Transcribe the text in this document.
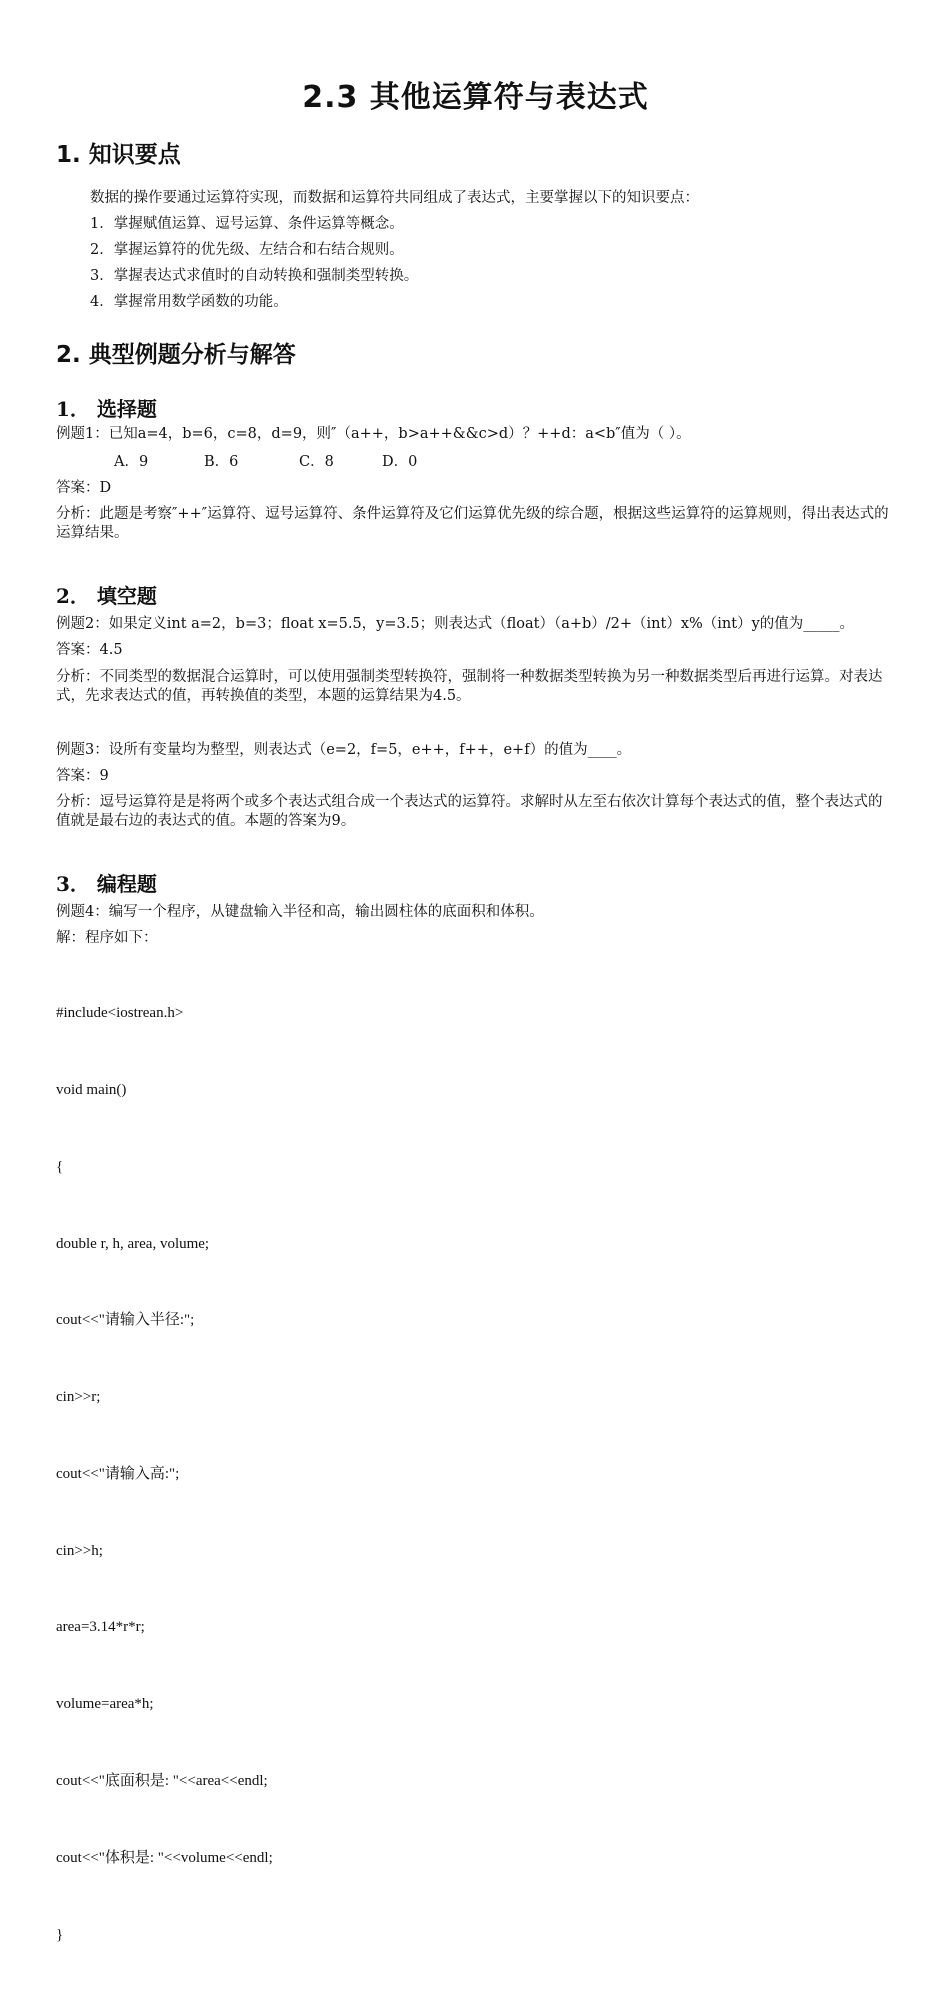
2.3 其他运算符与表达式
1. 知识要点
数据的操作要通过运算符实现，而数据和运算符共同组成了表达式，主要掌握以下的知识要点：
1．掌握赋值运算、逗号运算、条件运算等概念。
2．掌握运算符的优先级、左结合和右结合规则。
3．掌握表达式求值时的自动转换和强制类型转换。
4．掌握常用数学函数的功能。
2. 典型例题分析与解答
1． 选择题
例题1：已知a=4，b=6，c=8，d=9，则″（a++，b>a++&&c>d）？++d：a<b″值为（ ）。
A．9	B．6	C．8	D．0
答案：D
分析：此题是考察″++″运算符、逗号运算符、条件运算符及它们运算优先级的综合题，根据这些运算符的运算规则，得出表达式的运算结果。
2． 填空题
例题2：如果定义int a=2，b=3；float x=5.5，y=3.5；则表达式（float）（a+b）/2+（int）x%（int）y的值为_____。
答案：4.5
分析：不同类型的数据混合运算时，可以使用强制类型转换符，强制将一种数据类型转换为另一种数据类型后再进行运算。对表达式，先求表达式的值，再转换值的类型，本题的运算结果为4.5。
例题3：设所有变量均为整型，则表达式（e=2，f=5，e++，f++，e+f）的值为____。
答案：9
分析：逗号运算符是是将两个或多个表达式组合成一个表达式的运算符。求解时从左至右依次计算每个表达式的值，整个表达式的值就是最右边的表达式的值。本题的答案为9。
3． 编程题
例题4：编写一个程序，从键盘输入半径和高，输出圆柱体的底面积和体积。
解：程序如下：

#include<iostrean.h>

void main()

{

double r, h, area, volume;

cout<<"请输入半径:";

cin>>r;

cout<<"请输入高:";

cin>>h;

area=3.14*r*r;

volume=area*h;

cout<<"底面积是: "<<area<<endl;

cout<<"体积是: "<<volume<<endl;

}
